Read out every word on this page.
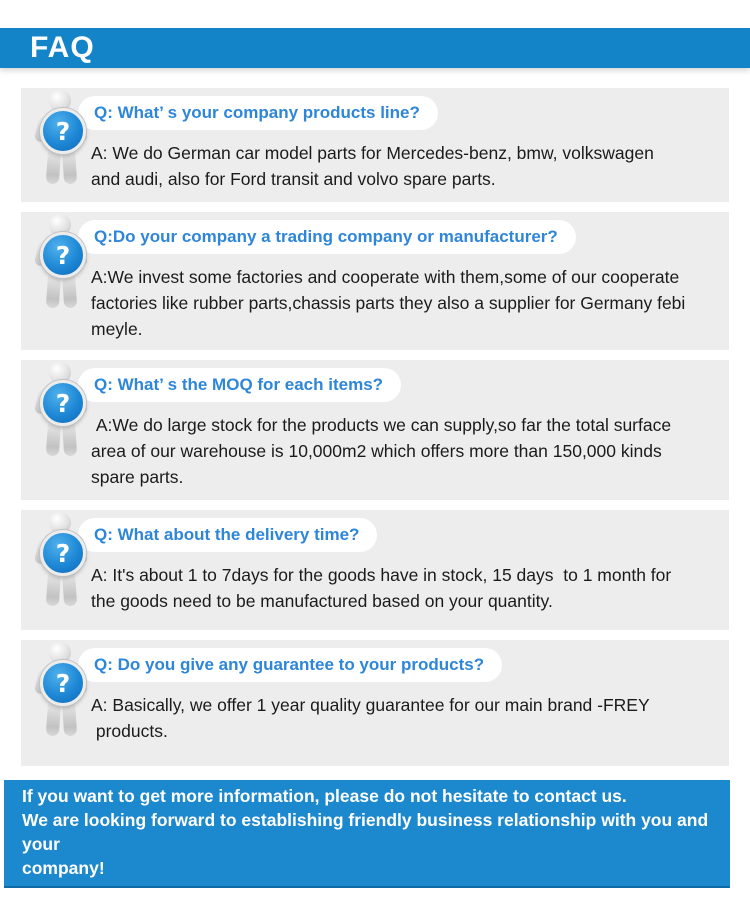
FAQ
?
Q: What’ s your company products line?
A: We do German car model parts for Mercedes-benz, bmw, volkswagen
and audi, also for Ford transit and volvo spare parts.
?
Q:Do your company a trading company or manufacturer?
A:We invest some factories and cooperate with them,some of our cooperate
factories like rubber parts,chassis parts they also a supplier for Germany febi
meyle.
?
Q: What’ s the MOQ for each items?
A:We do large stock for the products we can supply,so far the total surface
area of our warehouse is 10,000m2 which offers more than 150,000 kinds
spare parts.
?
Q: What about the delivery time?
A: It's about 1 to 7days for the goods have in stock, 15 days  to 1 month for
the goods need to be manufactured based on your quantity.
?
Q: Do you give any guarantee to your products?
A: Basically, we offer 1 year quality guarantee for our main brand -FREY
products.
If you want to get more information, please do not hesitate to contact us.
We are looking forward to establishing friendly business relationship with you and your
company!
